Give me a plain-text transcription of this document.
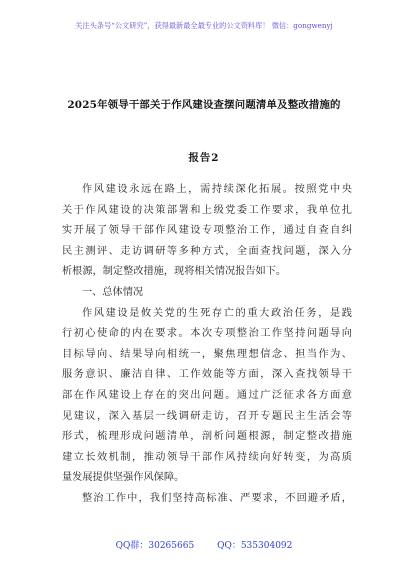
关注头条号“公文研究”，获得最新最全最专业的公文资料库！ 微信：gongwenyj
2025年领导干部关于作风建设查摆问题清单及整改措施的
报告2
作风建设永远在路上，需持续深化拓展。按照党中央
关于作风建设的决策部署和上级党委工作要求，我单位扎
实开展了领导干部作风建设专项整治工作，通过自查自纠
民主测评、走访调研等多种方式，全面查找问题，深入分
析根源，制定整改措施，现将相关情况报告如下。
一、总体情况
作风建设是攸关党的生死存亡的重大政治任务，是践
行初心使命的内在要求。本次专项整治工作坚持问题导向
目标导向、结果导向相统一，聚焦理想信念、担当作为、
服务意识、廉洁自律、工作效能等方面，深入查找领导干
部在作风建设上存在的突出问题。通过广泛征求各方面意
见建议，深入基层一线调研走访，召开专题民主生活会等
形式，梳理形成问题清单，剖析问题根源，制定整改措施
建立长效机制，推动领导干部作风持续向好转变，为高质
量发展提供坚强作风保障。
整治工作中，我们坚持高标准、严要求，不回避矛盾，
QQ群：30265665	QQ：535304092
